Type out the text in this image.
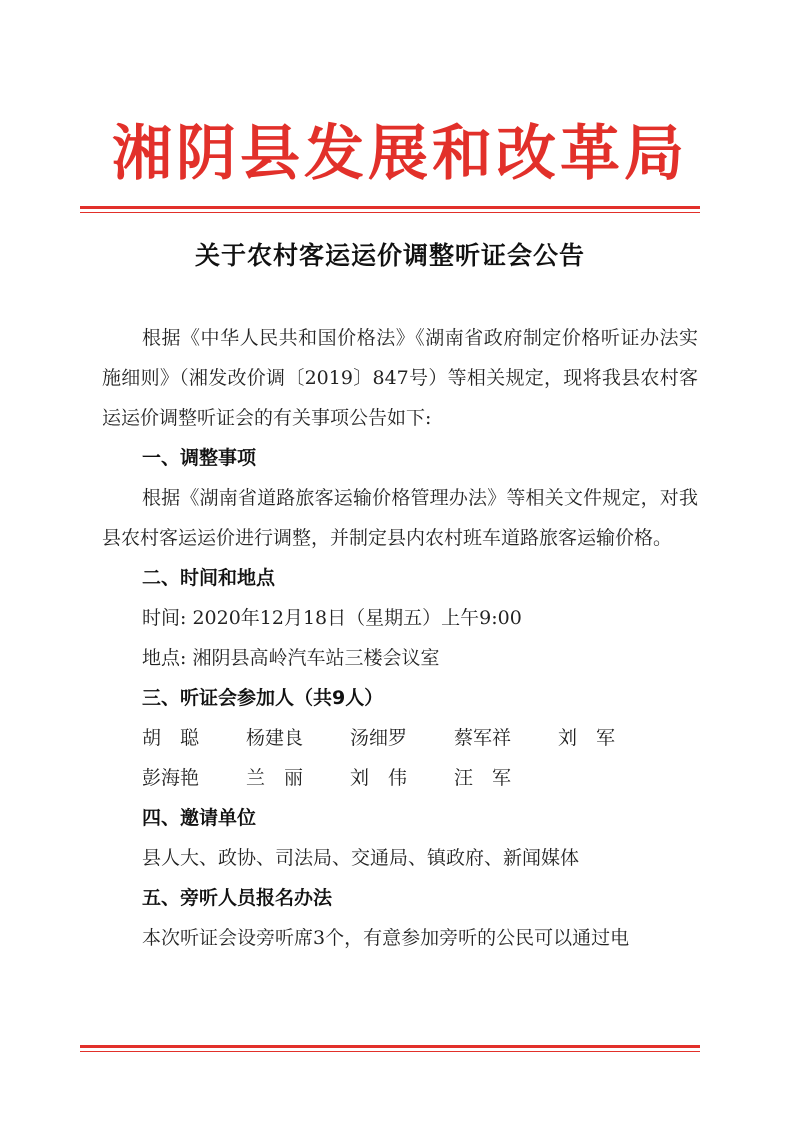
湘阴县发展和改革局
关于农村客运运价调整听证会公告

根据《中华人民共和国价格法》《湖南省政府制定价格听证办法实施细则》（湘发改价调〔2019〕847号）等相关规定，现将我县农村客运运价调整听证会的有关事项公告如下:

一、调整事项

根据《湖南省道路旅客运输价格管理办法》等相关文件规定，对我县农村客运运价进行调整，并制定县内农村班车道路旅客运输价格。

二、时间和地点

时间: 2020年12月18日（星期五）上午9:00

地点: 湘阴县高岭汽车站三楼会议室

三、听证会参加人（共9人）

胡　聪	杨建良	汤细罗	蔡军祥	刘　军
彭海艳	兰　丽	刘　伟	汪　军

四、邀请单位

县人大、政协、司法局、交通局、镇政府、新闻媒体

五、旁听人员报名办法

本次听证会设旁听席3个，有意参加旁听的公民可以通过电
